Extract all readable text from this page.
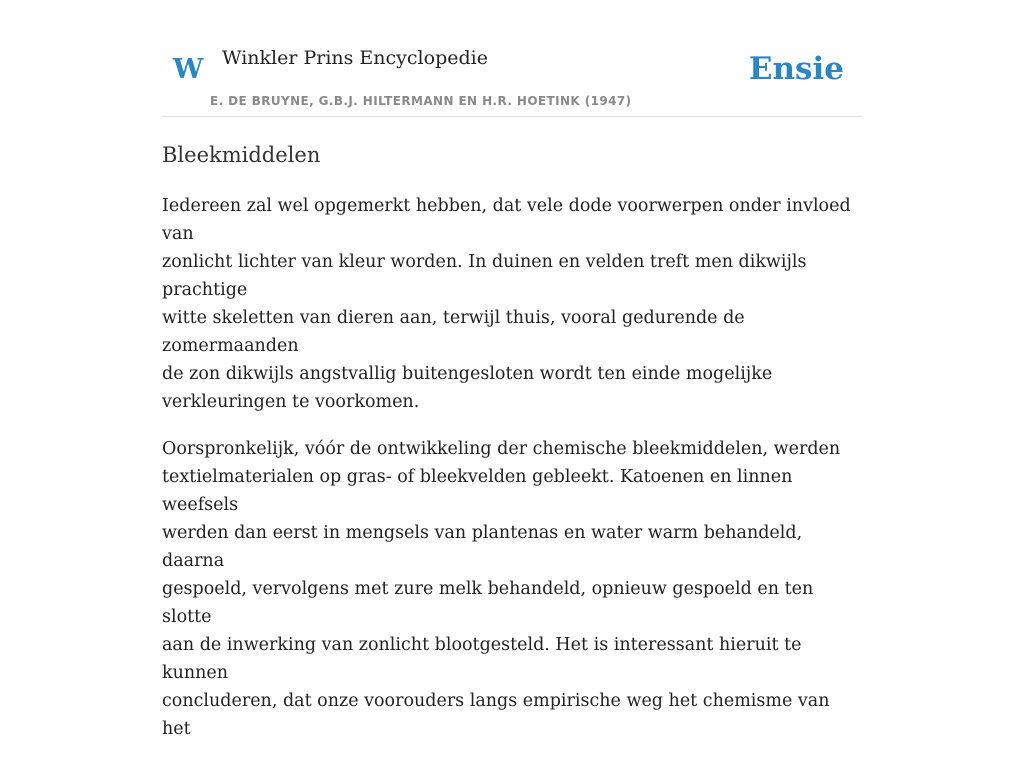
W Winkler Prins Encyclopedie
E. DE BRUYNE, G.B.J. HILTERMANN EN H.R. HOETINK (1947)
Ensie
Bleekmiddelen

Iedereen zal wel opgemerkt hebben, dat vele dode voorwerpen onder invloed van
zonlicht lichter van kleur worden. In duinen en velden treft men dikwijls prachtige
witte skeletten van dieren aan, terwijl thuis, vooral gedurende de zomermaanden
de zon dikwijls angstvallig buitengesloten wordt ten einde mogelijke
verkleuringen te voorkomen.

Oorspronkelijk, vóór de ontwikkeling der chemische bleekmiddelen, werden
textielmaterialen op gras- of bleekvelden gebleekt. Katoenen en linnen weefsels
werden dan eerst in mengsels van plantenas en water warm behandeld, daarna
gespoeld, vervolgens met zure melk behandeld, opnieuw gespoeld en ten slotte
aan de inwerking van zonlicht blootgesteld. Het is interessant hieruit te kunnen
concluderen, dat onze voorouders langs empirische weg het chemisme van het
